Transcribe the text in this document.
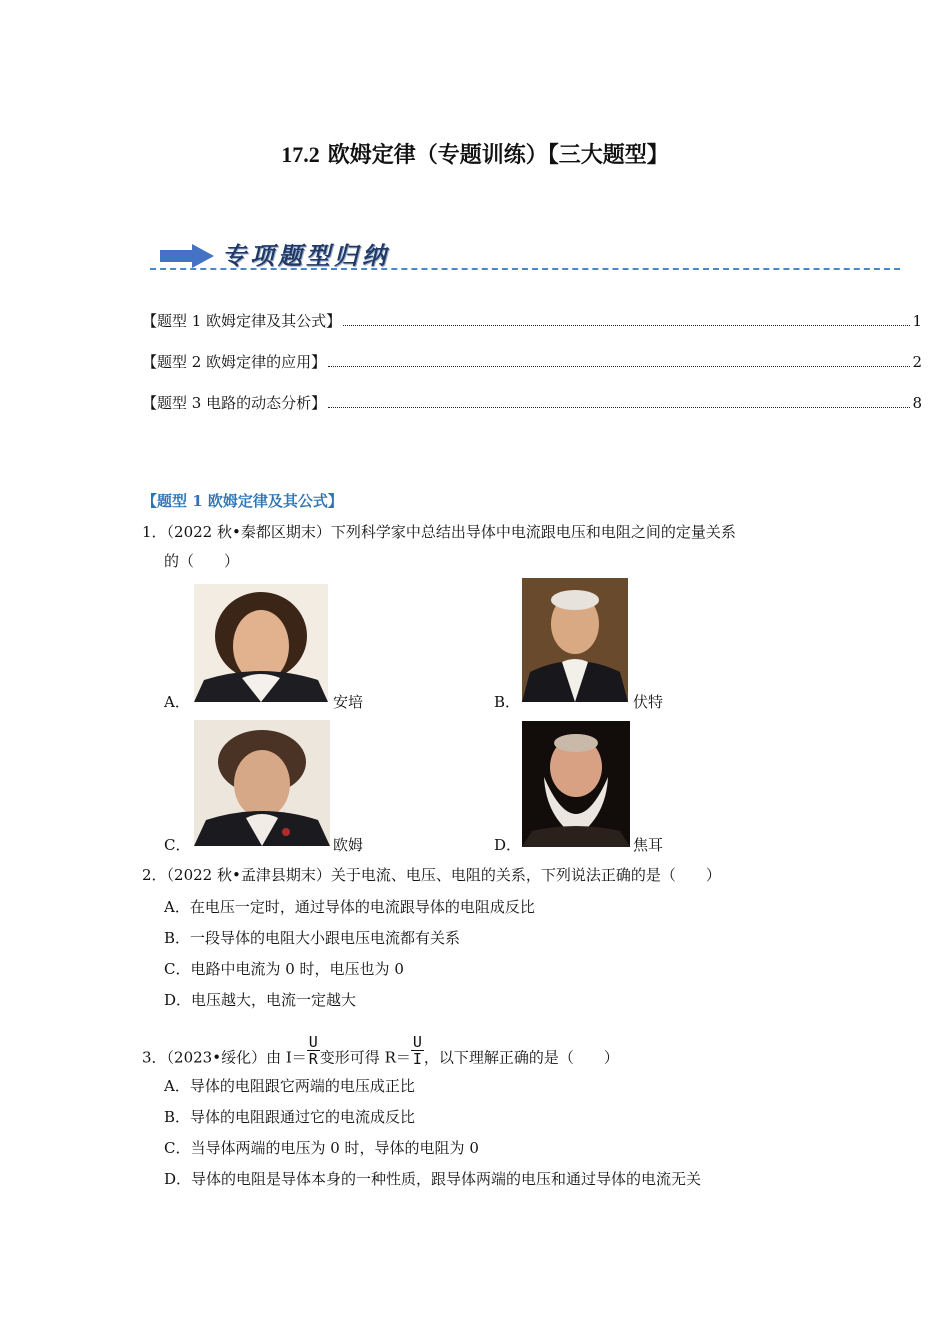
17.2 欧姆定律（专题训练）【三大题型】
专项题型归纳
【题型 1 欧姆定律及其公式】	1
【题型 2 欧姆定律的应用】	2
【题型 3 电路的动态分析】	8
【题型 1 欧姆定律及其公式】
1．（2022 秋•秦都区期末）下列科学家中总结出导体中电流跟电压和电阻之间的定量关系
的（　　）
A．	安培	B．	伏特
C．	欧姆	D．	焦耳
2．（2022 秋•孟津县期末）关于电流、电压、电阻的关系，下列说法正确的是（　　）
A．在电压一定时，通过导体的电流跟导体的电阻成反比
B．一段导体的电阻大小跟电压电流都有关系
C．电路中电流为 0 时，电压也为 0
D．电压越大，电流一定越大
3．（2023•绥化）由 $I= \frac{U}{R}$ 变形可得 $R= \frac{U}{I}$ ，以下理解正确的是（　　）
A．导体的电阻跟它两端的电压成正比
B．导体的电阻跟通过它的电流成反比
C．当导体两端的电压为 0 时，导体的电阻为 0
D．导体的电阻是导体本身的一种性质，跟导体两端的电压和通过导体的电流无关
